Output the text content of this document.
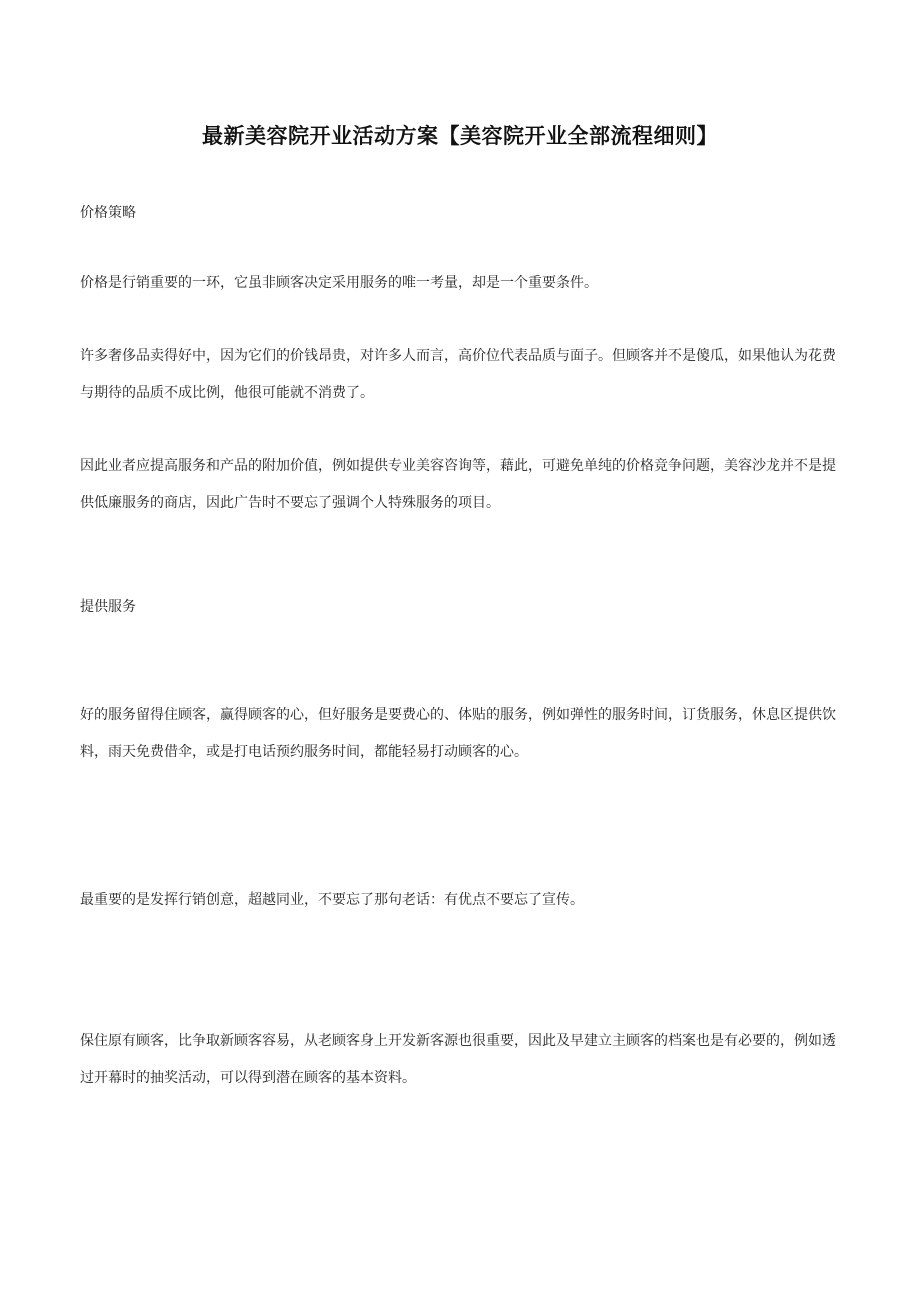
最新美容院开业活动方案【美容院开业全部流程细则】

价格策略

价格是行销重要的一环，它虽非顾客决定采用服务的唯一考量，却是一个重要条件。

许多奢侈品卖得好中，因为它们的价钱昂贵，对许多人而言，高价位代表品质与面子。但顾客并不是傻瓜，如果他认为花费与期待的品质不成比例，他很可能就不消费了。

因此业者应提高服务和产品的附加价值，例如提供专业美容咨询等，藉此，可避免单纯的价格竞争问题，美容沙龙并不是提供低廉服务的商店，因此广告时不要忘了强调个人特殊服务的项目。

提供服务

好的服务留得住顾客，赢得顾客的心，但好服务是要费心的、体贴的服务，例如弹性的服务时间，订货服务，休息区提供饮料，雨天免费借伞，或是打电话预约服务时间，都能轻易打动顾客的心。

最重要的是发挥行销创意，超越同业，不要忘了那句老话：有优点不要忘了宣传。

保住原有顾客，比争取新顾客容易，从老顾客身上开发新客源也很重要，因此及早建立主顾客的档案也是有必要的，例如透过开幕时的抽奖活动，可以得到潜在顾客的基本资料。
